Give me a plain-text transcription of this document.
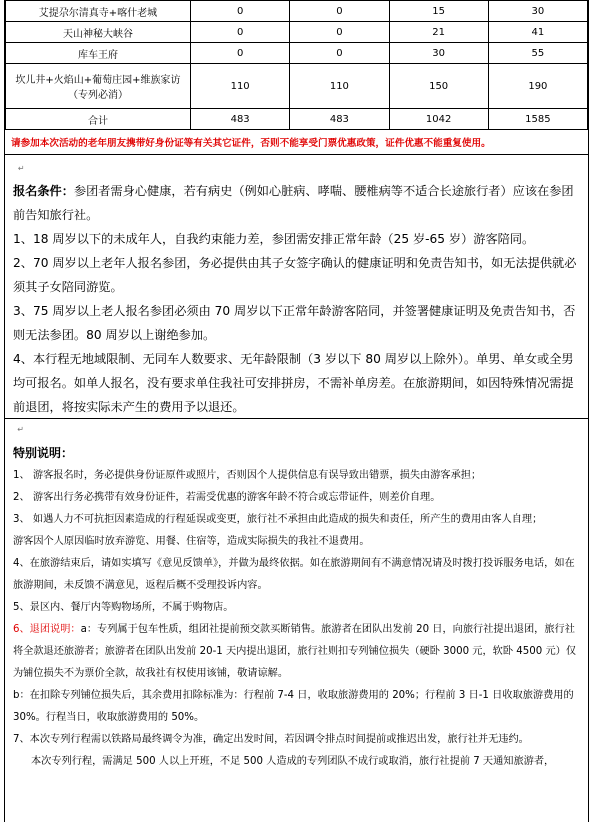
艾提尕尔清真寺+喀什老城	0	0	15	30
天山神秘大峡谷	0	0	21	41
库车王府	0	0	30	55
坎儿井+火焰山+葡萄庄园+维族家访（专列必消）	110	110	150	190
合计	483	483	1042	1585
请参加本次活动的老年朋友携带好身份证等有关其它证件，否则不能享受门票优惠政策，证件优惠不能重复使用。

↵

报名条件：参团者需身心健康，若有病史（例如心脏病、哮喘、腰椎病等不适合长途旅行者）应该在参团前告知旅行社。

1、18 周岁以下的未成年人，自我约束能力差，参团需安排正常年龄（25 岁-65 岁）游客陪同。

2、70 周岁以上老年人报名参团，务必提供由其子女签字确认的健康证明和免责告知书，如无法提供就必须其子女陪同游览。

3、75 周岁以上老人报名参团必须由 70 周岁以下正常年龄游客陪同，并签署健康证明及免责告知书，否则无法参团。80 周岁以上谢绝参加。

4、本行程无地域限制、无同车人数要求、无年龄限制（3 岁以下 80 周岁以上除外）。单男、单女或全男均可报名。如单人报名，没有要求单住我社可安排拼房，不需补单房差。在旅游期间，如因特殊情况需提前退团，将按实际未产生的费用予以退还。

↵

特别说明：

1、 游客报名时，务必提供身份证原件或照片，否则因个人提供信息有误导致出错票，损失由游客承担；

2、 游客出行务必携带有效身份证件，若需受优惠的游客年龄不符合或忘带证件，则差价自理。

3、 如遇人力不可抗拒因素造成的行程延误或变更，旅行社不承担由此造成的损失和责任，所产生的费用由客人自理；

游客因个人原因临时放弃游览、用餐、住宿等，造成实际损失的我社不退费用。

4、在旅游结束后，请如实填写《意见反馈单》，并做为最终依据。如在旅游期间有不满意情况请及时拨打投诉服务电话，如在旅游期间，未反馈不满意见，返程后概不受理投诉内容。

5、景区内、餐厅内等购物场所，不属于购物店。

6、退团说明：a：专列属于包车性质，组团社提前预交款买断销售。旅游者在团队出发前 20 日，向旅行社提出退团，旅行社将全款退还旅游者；旅游者在团队出发前 20-1 天内提出退团，旅行社则扣专列铺位损失（硬卧 3000 元，软卧 4500 元）仅为铺位损失不为票价全款，故我社有权使用该铺，敬请谅解。

b：在扣除专列铺位损失后，其余费用扣除标准为：行程前 7-4 日，收取旅游费用的 20%；行程前 3 日-1 日收取旅游费用的 30%。行程当日，收取旅游费用的 50%。

7、本次专列行程需以铁路局最终调令为准，确定出发时间，若因调令排点时间提前或推迟出发，旅行社并无违约。

本次专列行程，需满足 500 人以上开班，不足 500 人造成的专列团队不成行或取消，旅行社提前 7 天通知旅游者，
